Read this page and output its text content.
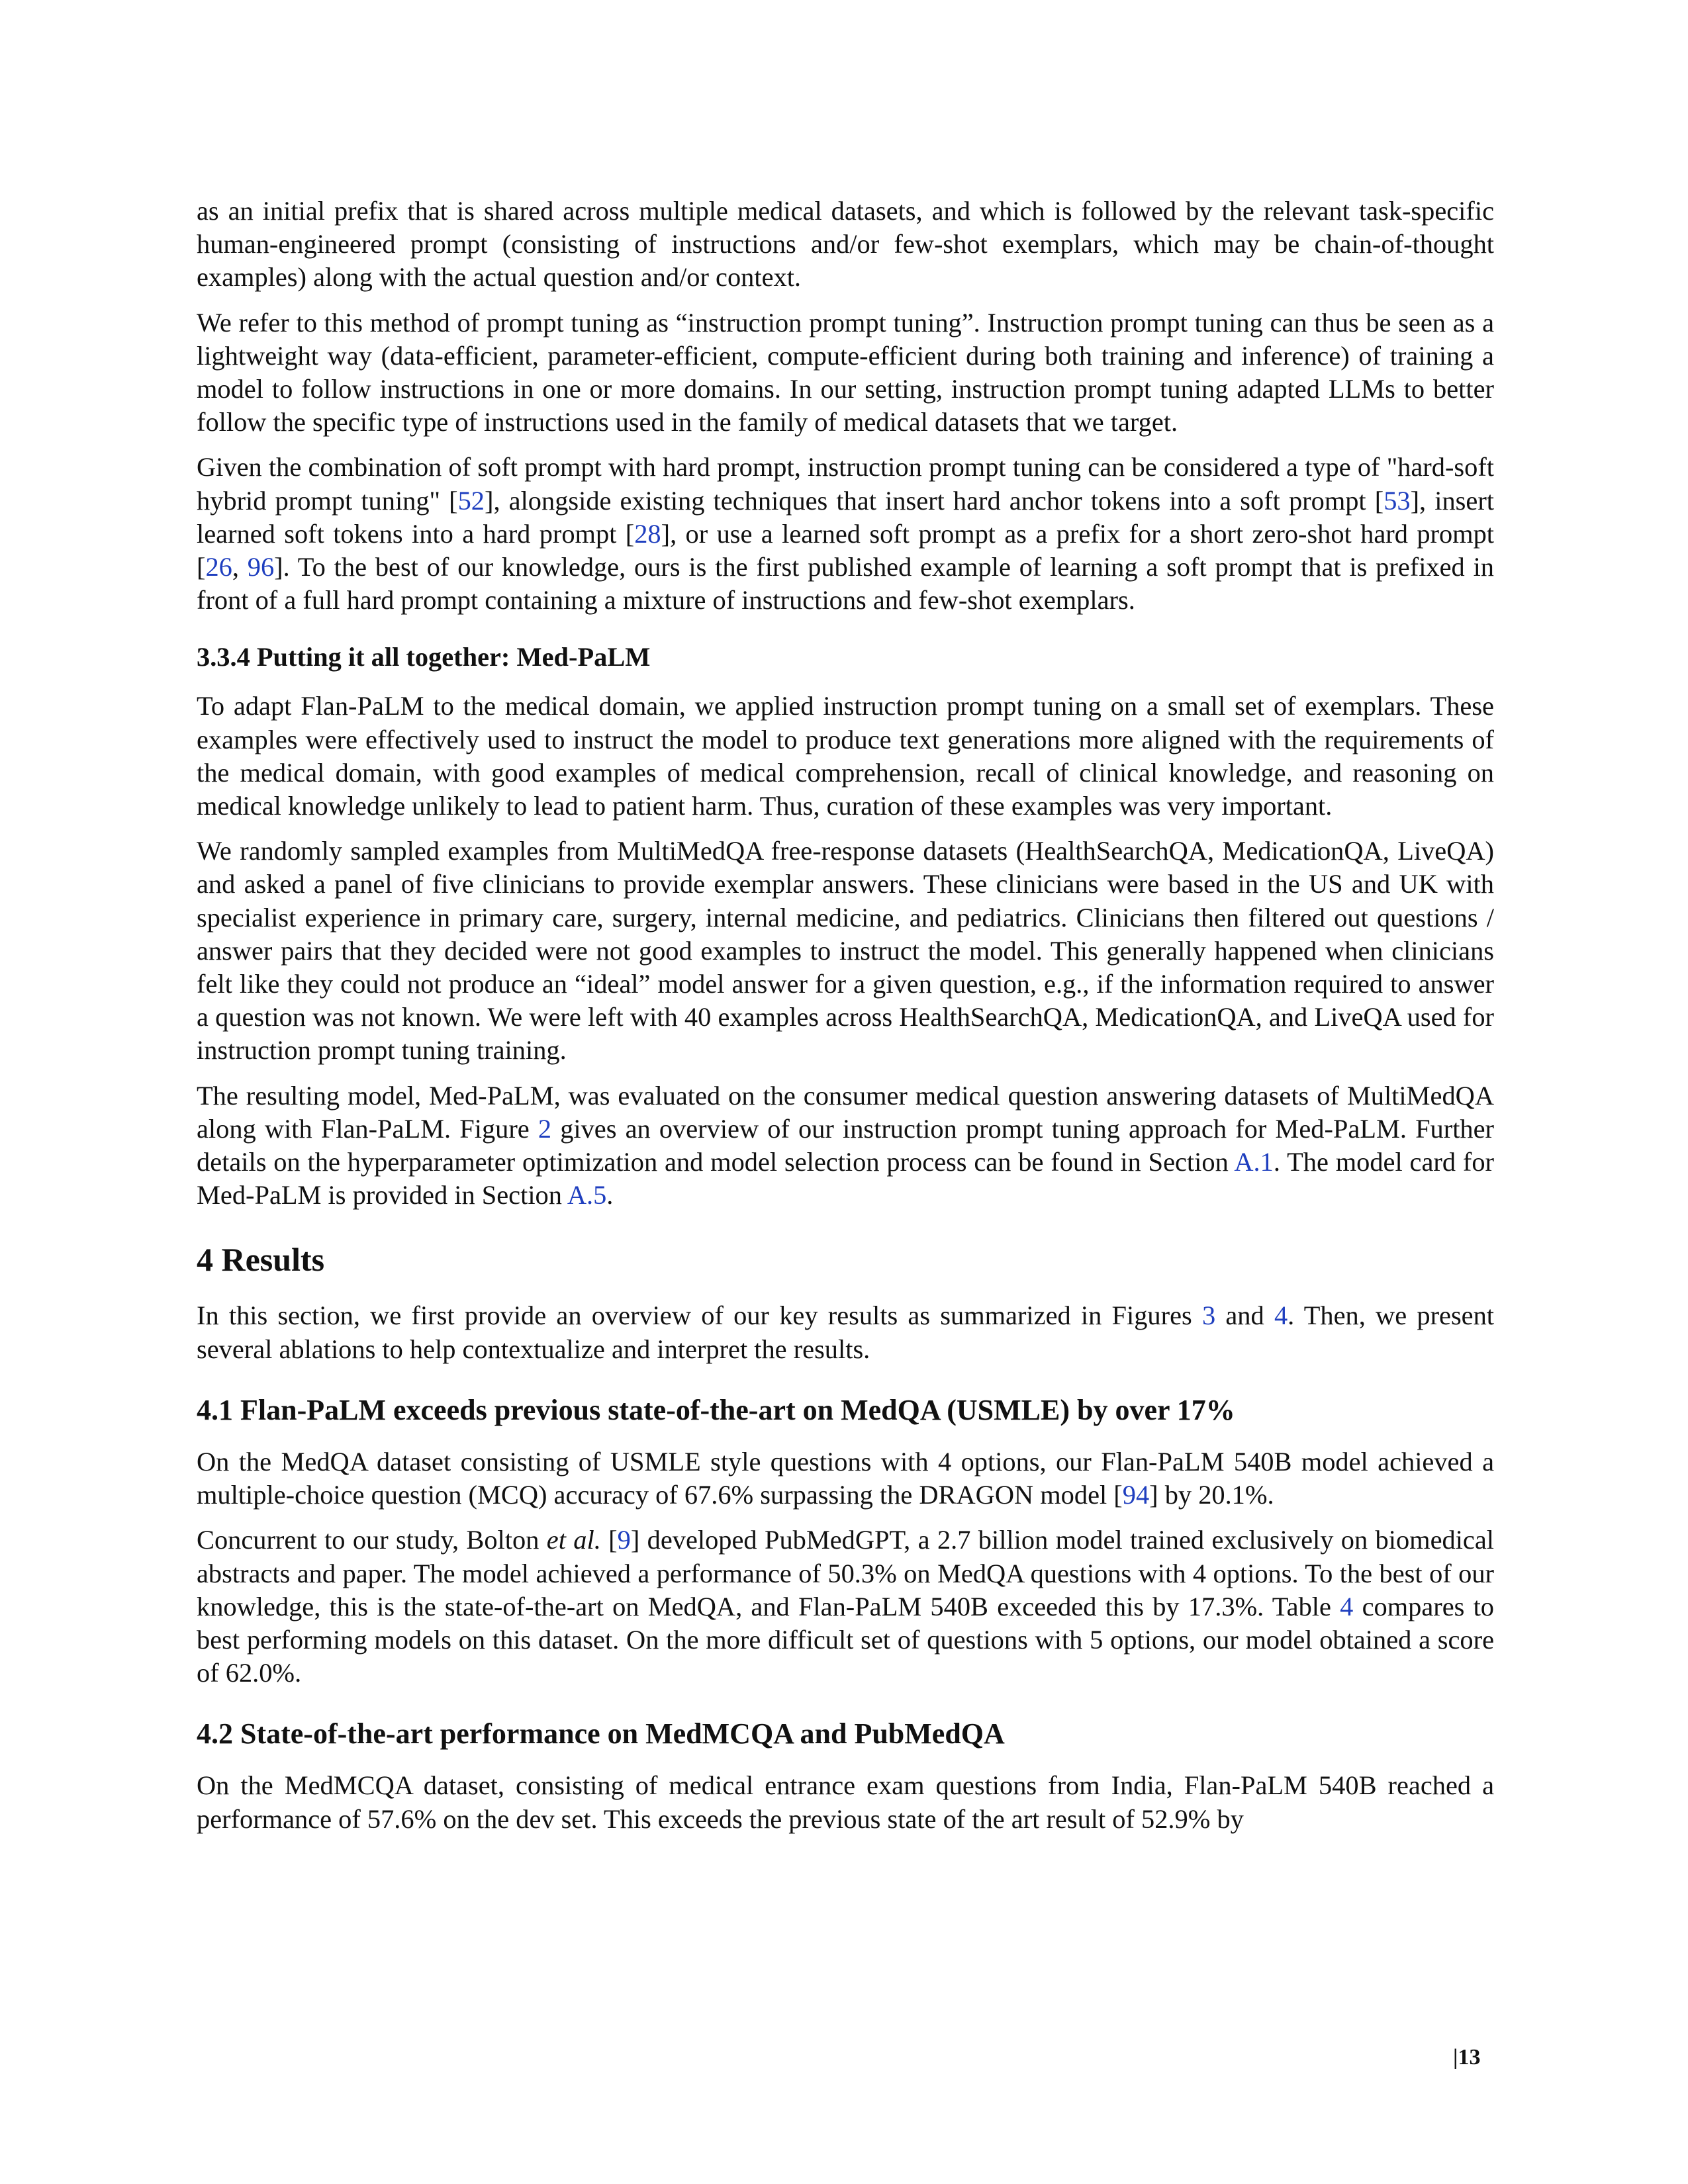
as an initial prefix that is shared across multiple medical datasets, and which is followed by the relevant task-specific human-engineered prompt (consisting of instructions and/or few-shot exemplars, which may be chain-of-thought examples) along with the actual question and/or context.

We refer to this method of prompt tuning as “instruction prompt tuning”. Instruction prompt tuning can thus be seen as a lightweight way (data-efficient, parameter-efficient, compute-efficient during both training and inference) of training a model to follow instructions in one or more domains. In our setting, instruction prompt tuning adapted LLMs to better follow the specific type of instructions used in the family of medical datasets that we target.

Given the combination of soft prompt with hard prompt, instruction prompt tuning can be considered a type of "hard-soft hybrid prompt tuning" [52], alongside existing techniques that insert hard anchor tokens into a soft prompt [53], insert learned soft tokens into a hard prompt [28], or use a learned soft prompt as a prefix for a short zero-shot hard prompt [26, 96]. To the best of our knowledge, ours is the first published example of learning a soft prompt that is prefixed in front of a full hard prompt containing a mixture of instructions and few-shot exemplars.

3.3.4 Putting it all together: Med-PaLM

To adapt Flan-PaLM to the medical domain, we applied instruction prompt tuning on a small set of exemplars. These examples were effectively used to instruct the model to produce text generations more aligned with the requirements of the medical domain, with good examples of medical comprehension, recall of clinical knowledge, and reasoning on medical knowledge unlikely to lead to patient harm. Thus, curation of these examples was very important.

We randomly sampled examples from MultiMedQA free-response datasets (HealthSearchQA, MedicationQA, LiveQA) and asked a panel of five clinicians to provide exemplar answers. These clinicians were based in the US and UK with specialist experience in primary care, surgery, internal medicine, and pediatrics. Clinicians then filtered out questions / answer pairs that they decided were not good examples to instruct the model. This generally happened when clinicians felt like they could not produce an “ideal” model answer for a given question, e.g., if the information required to answer a question was not known. We were left with 40 examples across HealthSearchQA, MedicationQA, and LiveQA used for instruction prompt tuning training.

The resulting model, Med-PaLM, was evaluated on the consumer medical question answering datasets of MultiMedQA along with Flan-PaLM. Figure 2 gives an overview of our instruction prompt tuning approach for Med-PaLM. Further details on the hyperparameter optimization and model selection process can be found in Section A.1. The model card for Med-PaLM is provided in Section A.5.

4 Results

In this section, we first provide an overview of our key results as summarized in Figures 3 and 4. Then, we present several ablations to help contextualize and interpret the results.

4.1 Flan-PaLM exceeds previous state-of-the-art on MedQA (USMLE) by over 17%

On the MedQA dataset consisting of USMLE style questions with 4 options, our Flan-PaLM 540B model achieved a multiple-choice question (MCQ) accuracy of 67.6% surpassing the DRAGON model [94] by 20.1%.

Concurrent to our study, Bolton et al. [9] developed PubMedGPT, a 2.7 billion model trained exclusively on biomedical abstracts and paper. The model achieved a performance of 50.3% on MedQA questions with 4 options. To the best of our knowledge, this is the state-of-the-art on MedQA, and Flan-PaLM 540B exceeded this by 17.3%. Table 4 compares to best performing models on this dataset. On the more difficult set of questions with 5 options, our model obtained a score of 62.0%.

4.2 State-of-the-art performance on MedMCQA and PubMedQA

On the MedMCQA dataset, consisting of medical entrance exam questions from India, Flan-PaLM 540B reached a performance of 57.6% on the dev set. This exceeds the previous state of the art result of 52.9% by

|13
